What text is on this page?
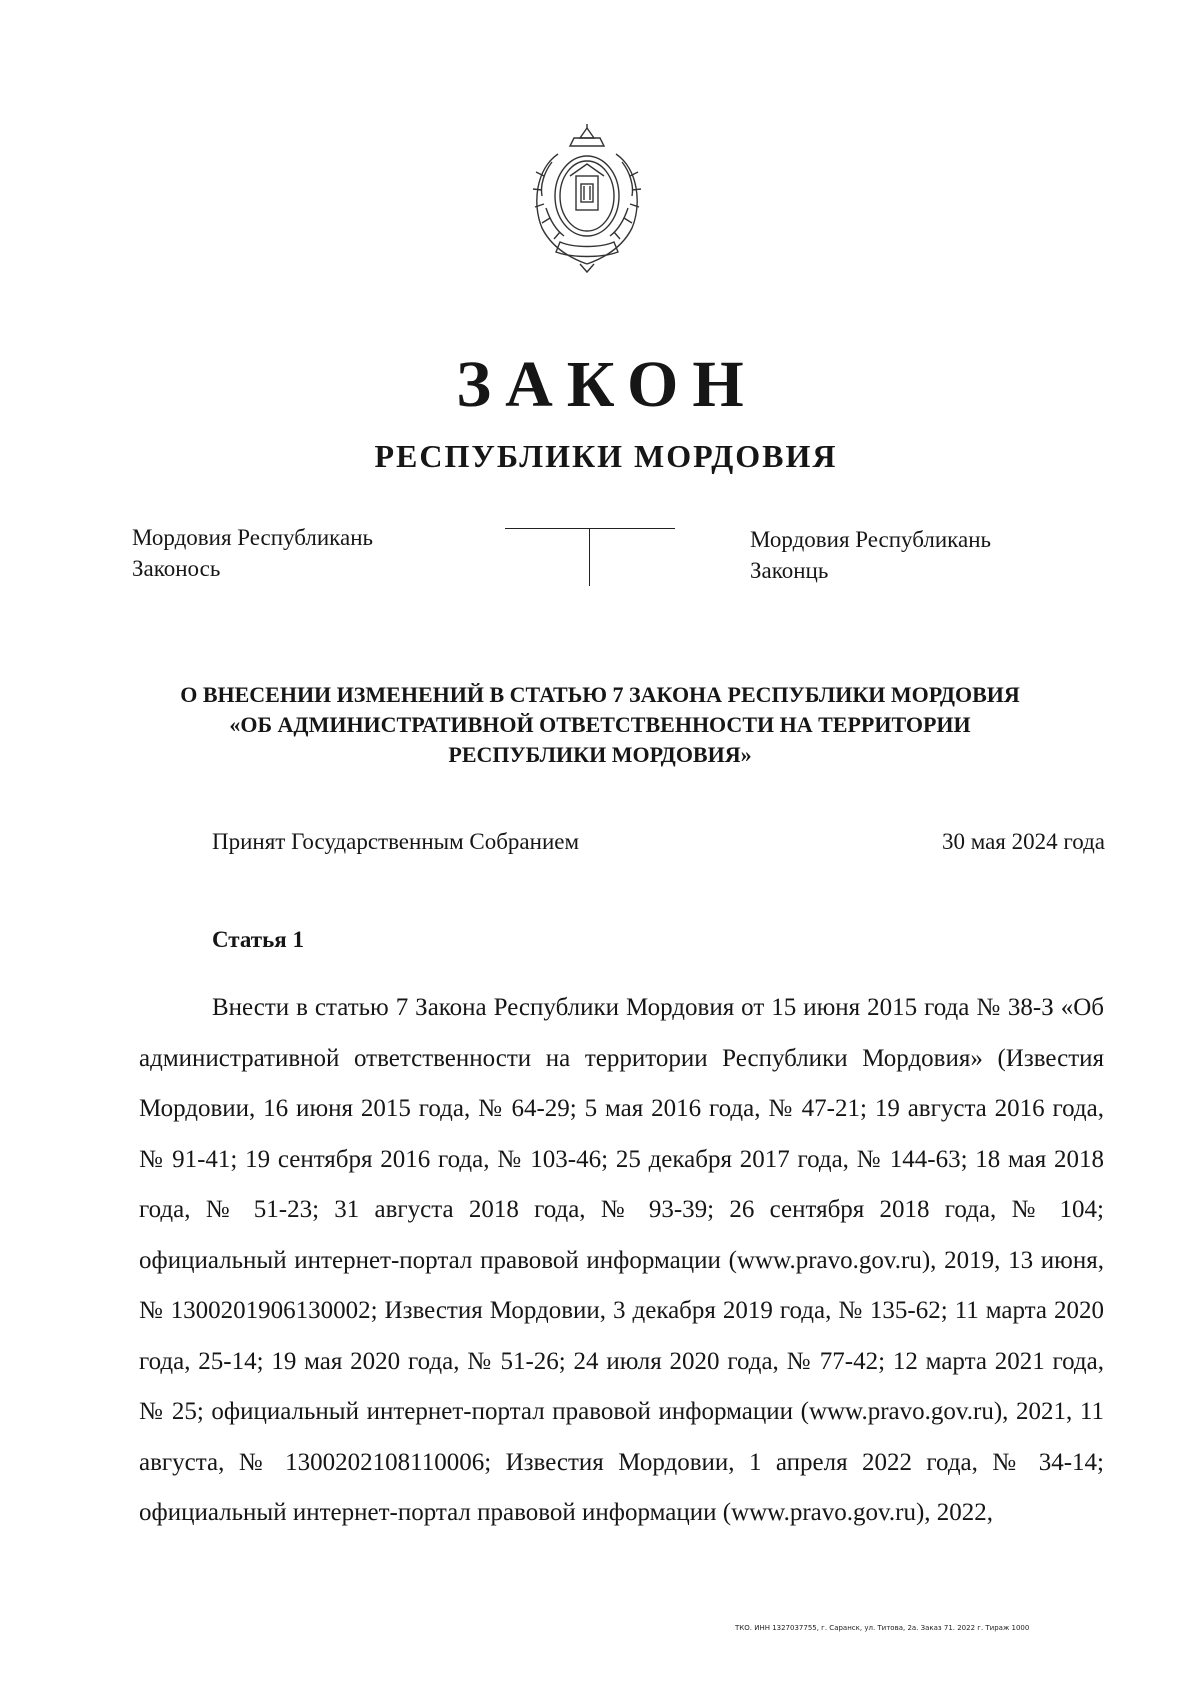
ЗАКОН
РЕСПУБЛИКИ МОРДОВИЯ
Мордовия Республикань
Законось
Мордовия Республикань
Законць
О ВНЕСЕНИИ ИЗМЕНЕНИЙ В СТАТЬЮ 7 ЗАКОНА РЕСПУБЛИКИ МОРДОВИЯ
«ОБ АДМИНИСТРАТИВНОЙ ОТВЕТСТВЕННОСТИ НА ТЕРРИТОРИИ
РЕСПУБЛИКИ МОРДОВИЯ»
Принят Государственным Собранием	30 мая 2024 года
Статья 1

Внести в статью 7 Закона Республики Мордовия от 15 июня 2015 года № 38-З «Об административной ответственности на территории Республики Мордовия» (Известия Мордовии, 16 июня 2015 года, № 64-29; 5 мая 2016 года, № 47-21; 19 августа 2016 года, № 91-41; 19 сентября 2016 года, № 103-46; 25 декабря 2017 года, № 144-63; 18 мая 2018 года, № 51-23; 31 августа 2018 года, № 93-39; 26 сентября 2018 года, № 104; официальный интернет-портал правовой информации (www.pravo.gov.ru), 2019, 13 июня, № 1300201906130002; Известия Мордовии, 3 декабря 2019 года, № 135-62; 11 марта 2020 года, 25-14; 19 мая 2020 года, № 51-26; 24 июля 2020 года, № 77-42; 12 марта 2021 года, № 25; официальный интернет-портал правовой информации (www.pravo.gov.ru), 2021, 11 августа, № 1300202108110006; Известия Мордовии, 1 апреля 2022 года, № 34-14; официальный интернет-портал правовой информации (www.pravo.gov.ru), 2022,

ТКО. ИНН 1327037755, г. Саранск, ул. Титова, 2а. Заказ 71. 2022 г. Тираж 1000
